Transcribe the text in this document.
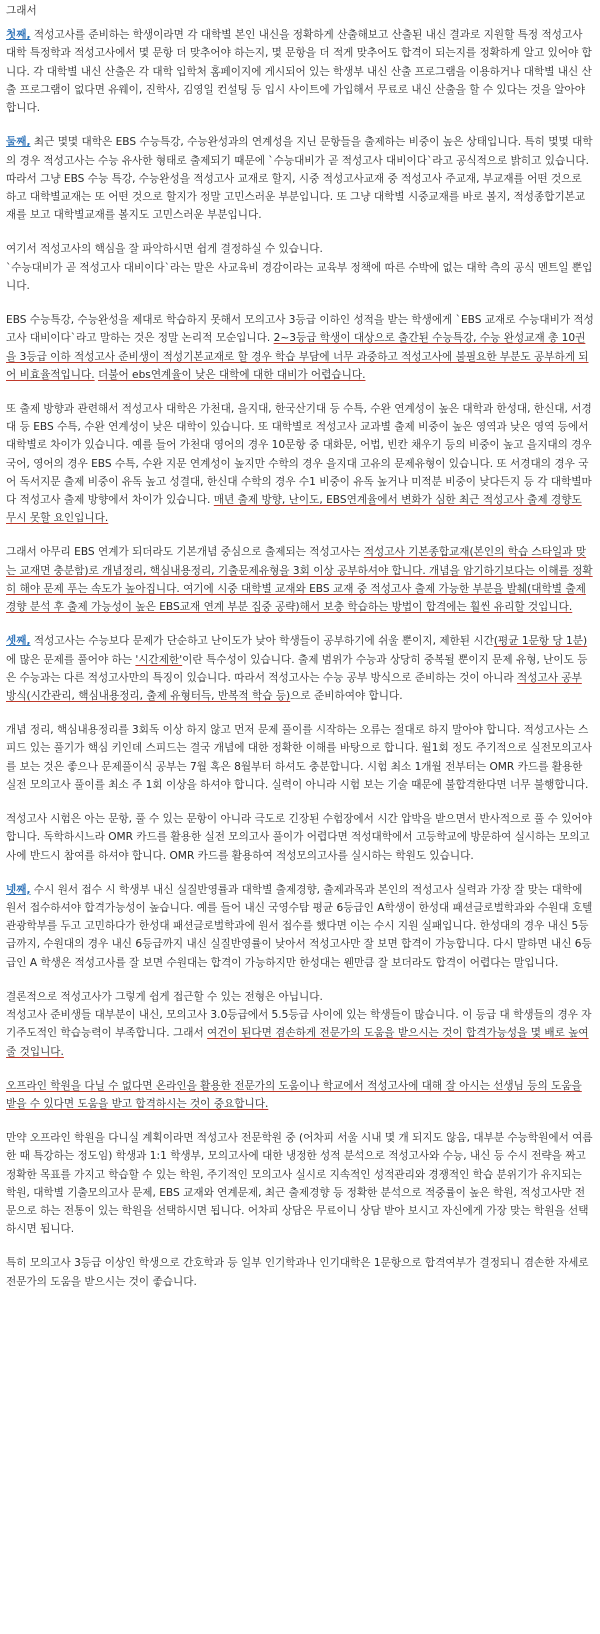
그래서

첫째, 적성고사를 준비하는 학생이라면 각 대학별 본인 내신을 정확하게 산출해보고 산출된 내신 결과로 지원할 특정 적성고사 대학 특정학과 적성고사에서 몇 문항 더 맞추어야 하는지, 몇 문항을 더 적게 맞추어도 합격이 되는지를 정확하게 알고 있어야 합니다. 각 대학별 내신 산출은 각 대학 입학처 홈페이지에 게시되어 있는 학생부 내신 산출 프로그램을 이용하거나 대학별 내신 산출 프로그램이 없다면 유웨이, 진학사, 김영일 컨설팅 등 입시 사이트에 가입해서 무료로 내신 산출을 할 수 있다는 것을 알아야 합니다.

둘째, 최근 몇몇 대학은 EBS 수능특강, 수능완성과의 연계성을 지닌 문항들을 출제하는 비중이 높은 상태입니다. 특히 몇몇 대학의 경우 적성고사는 수능 유사한 형태로 출제되기 때문에 `수능대비가 곧 적성고사 대비이다`라고 공식적으로 밝히고 있습니다. 따라서 그냥 EBS 수능 특강, 수능완성을 적성고사 교재로 할지, 시중 적성고사교재 중 적성고사 주교재, 부교재를 어떤 것으로 하고 대학별교재는 또 어떤 것으로 할지가 정말 고민스러운 부분입니다. 또 그냥 대학별 시중교재를 바로 볼지, 적성종합기본교재를 보고 대학별교재를 볼지도 고민스러운 부분입니다.

여기서 적성고사의 핵심을 잘 파악하시면 쉽게 결정하실 수 있습니다.

`수능대비가 곧 적성고사 대비이다`라는 말은 사교육비 경감이라는 교육부 정책에 따른 수박에 없는 대학 측의 공식 멘트일 뿐입니다.

EBS 수능특강, 수능완성을 제대로 학습하지 못해서 모의고사 3등급 이하인 성적을 받는 학생에게 `EBS 교재로 수능대비가 적성고사 대비이다`라고 말하는 것은 정말 논리적 모순입니다. 2~3등급 학생이 대상으로 출간된 수능특강, 수능 완성교재 총 10권을 3등급 이하 적성고사 준비생이 적성기본교재로 할 경우 학습 부담에 너무 과중하고 적성고사에 불필요한 부분도 공부하게 되어 비효율적입니다. 더불어 ebs연계율이 낮은 대학에 대한 대비가 어렵습니다.

또 출제 방향과 관련해서 적성고사 대학은 가천대, 을지대, 한국산기대 등 수특, 수완 연계성이 높은 대학과 한성대, 한신대, 서경대 등 EBS 수특, 수완 연계성이 낮은 대학이 있습니다. 또 대학별로 적성고사 교과별 출제 비중이 높은 영역과 낮은 영역 등에서 대학별로 차이가 있습니다. 예를 들어 가천대 영어의 경우 10문항 중 대화문, 어법, 빈칸 채우기 등의 비중이 높고 을지대의 경우 국어, 영어의 경우 EBS 수특, 수완 지문 연계성이 높지만 수학의 경우 을지대 고유의 문제유형이 있습니다. 또 서경대의 경우 국어 독서지문 출제 비중이 유독 높고 성결대, 한신대 수학의 경우 수1 비중이 유독 높거나 미적분 비중이 낮다든지 등 각 대학별마다 적성고사 출제 방향에서 차이가 있습니다. 매년 출제 방향, 난이도, EBS연계율에서 변화가 심한 최근 적성고사 출제 경향도 무시 못할 요인입니다.

그래서 아무리 EBS 연계가 되더라도 기본개념 중심으로 출제되는 적성고사는 적성고사 기본종합교재(본인의 학습 스타일과 맞는 교재면 충분함)로 개념정리, 핵심내용정리, 기출문제유형을 3회 이상 공부하셔야 합니다. 개념을 암기하기보다는 이해를 정확히 해야 문제 푸는 속도가 높아집니다. 여기에 시중 대학별 교재와 EBS 교재 중 적성고사 출제 가능한 부분을 발췌(대학별 출제 경향 분석 후 출제 가능성이 높은 EBS교재 연계 부분 집중 공략)해서 보충 학습하는 방법이 합격에는 훨씬 유리할 것입니다.

셋째, 적성고사는 수능보다 문제가 단순하고 난이도가 낮아 학생들이 공부하기에 쉬울 뿐이지, 제한된 시간(평균 1문항 당 1분)에 많은 문제를 풀어야 하는 '시간제한'이란 특수성이 있습니다. 출제 범위가 수능과 상당히 중복될 뿐이지 문제 유형, 난이도 등은 수능과는 다른 적성고사만의 특징이 있습니다. 따라서 적성고사는 수능 공부 방식으로 준비하는 것이 아니라 적성고사 공부 방식(시간관리, 핵심내용정리, 출제 유형터득, 반복적 학습 등)으로 준비하여야 합니다.

개념 정리, 핵심내용정리를 3회독 이상 하지 않고 먼저 문제 풀이를 시작하는 오류는 절대로 하지 말아야 합니다. 적성고사는 스피드 있는 풀기가 핵심 키인데 스피드는 결국 개념에 대한 정확한 이해를 바탕으로 합니다. 월1회 정도 주기적으로 실전모의고사를 보는 것은 좋으나 문제풀이식 공부는 7월 혹은 8월부터 하셔도 충분합니다. 시험 최소 1개월 전부터는 OMR 카드를 활용한 실전 모의고사 풀이를 최소 주 1회 이상을 하셔야 합니다. 실력이 아니라 시험 보는 기술 때문에 불합격한다면 너무 불행합니다.

적성고사 시험은 아는 문항, 풀 수 있는 문항이 아니라 극도로 긴장된 수험장에서 시간 압박을 받으면서 반사적으로 풀 수 있어야 합니다. 독학하시느라 OMR 카드를 활용한 실전 모의고사 풀이가 어렵다면 적성대학에서 고등학교에 방문하여 실시하는 모의고사에 반드시 참여를 하셔야 합니다. OMR 카드를 활용하여 적성모의고사를 실시하는 학원도 있습니다.

넷째, 수시 원서 접수 시 학생부 내신 실질반영률과 대학별 출제경향, 출제과목과 본인의 적성고사 실력과 가장 잘 맞는 대학에 원서 접수하셔야 합격가능성이 높습니다. 예를 들어 내신 국영수탐 평균 6등급인 A학생이 한성대 패션글로벌학과와 수원대 호텔관광학부를 두고 고민하다가 한성대 패션글로벌학과에 원서 접수를 했다면 이는 수시 지원 실패입니다. 한성대의 경우 내신 5등급까지, 수원대의 경우 내신 6등급까지 내신 실질반영률이 낮아서 적성고사만 잘 보면 합격이 가능합니다. 다시 말하면 내신 6등급인 A 학생은 적성고사를 잘 보면 수원대는 합격이 가능하지만 한성대는 웬만큼 잘 보더라도 합격이 어렵다는 말입니다.

결론적으로 적성고사가 그렇게 쉽게 접근할 수 있는 전형은 아닙니다.

적성고사 준비생들 대부분이 내신, 모의고사 3.0등급에서 5.5등급 사이에 있는 학생들이 많습니다. 이 등급 대 학생들의 경우 자기주도적인 학습능력이 부족합니다. 그래서 여건이 된다면 겸손하게 전문가의 도움을 받으시는 것이 합격가능성을 몇 배로 높여 줄 것입니다.

오프라인 학원을 다닐 수 없다면 온라인을 활용한 전문가의 도움이나 학교에서 적성고사에 대해 잘 아시는 선생님 등의 도움을 받을 수 있다면 도움을 받고 합격하시는 것이 중요합니다.

만약 오프라인 학원을 다니실 계획이라면 적성고사 전문학원 중 (어차피 서울 시내 몇 개 되지도 않음, 대부분 수능학원에서 여름 한 때 특강하는 정도임) 학생과 1:1 학생부, 모의고사에 대한 냉정한 성적 분석으로 적성고사와 수능, 내신 등 수시 전략을 짜고 정확한 목표를 가지고 학습할 수 있는 학원, 주기적인 모의고사 실시로 지속적인 성적관리와 경쟁적인 학습 분위기가 유지되는 학원, 대학별 기출모의고사 문제, EBS 교재와 연계문제, 최근 출제경향 등 정확한 분석으로 적중률이 높은 학원, 적성고사만 전문으로 하는 전통이 있는 학원을 선택하시면 됩니다. 어차피 상담은 무료이니 상담 받아 보시고 자신에게 가장 맞는 학원을 선택하시면 됩니다.

특히 모의고사 3등급 이상인 학생으로 간호학과 등 일부 인기학과나 인기대학은 1문항으로 합격여부가 결정되니 겸손한 자세로 전문가의 도움을 받으시는 것이 좋습니다.
